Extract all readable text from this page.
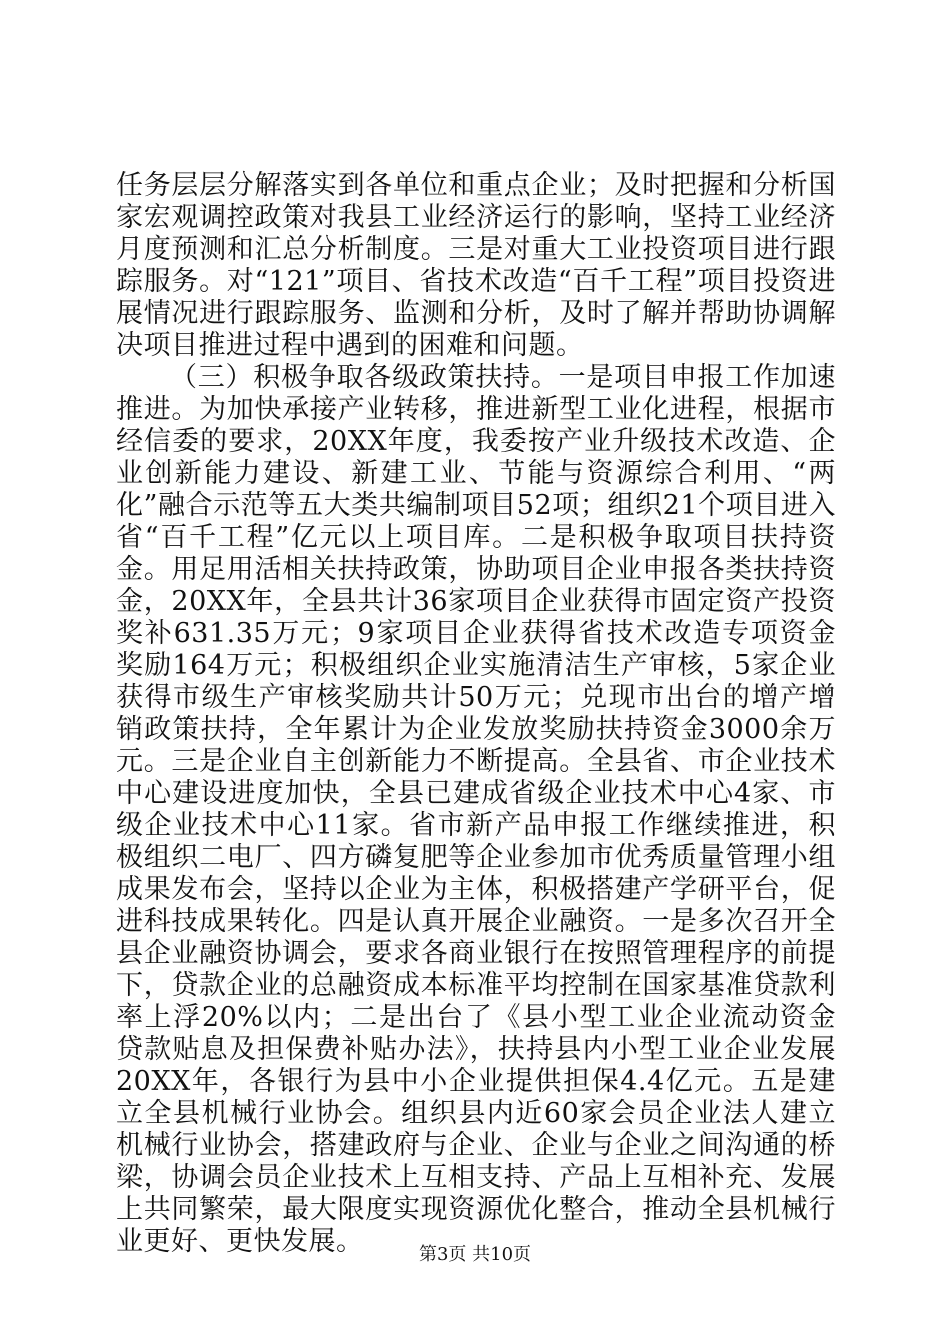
任务层层分解落实到各单位和重点企业；及时把握和分析国家宏观调控政策对我县工业经济运行的影响，坚持工业经济月度预测和汇总分析制度。三是对重大工业投资项目进行跟踪服务。对“121”项目、省技术改造“百千工程”项目投资进展情况进行跟踪服务、监测和分析，及时了解并帮助协调解决项目推进过程中遇到的困难和问题。

（三）积极争取各级政策扶持。一是项目申报工作加速推进。为加快承接产业转移，推进新型工业化进程，根据市经信委的要求，20XX年度，我委按产业升级技术改造、企业创新能力建设、新建工业、节能与资源综合利用、“两化”融合示范等五大类共编制项目52项；组织21个项目进入省“百千工程”亿元以上项目库。二是积极争取项目扶持资金。用足用活相关扶持政策，协助项目企业申报各类扶持资金，20XX年，全县共计36家项目企业获得市固定资产投资奖补631.35万元；9家项目企业获得省技术改造专项资金奖励164万元；积极组织企业实施清洁生产审核，5家企业获得市级生产审核奖励共计50万元；兑现市出台的增产增销政策扶持，全年累计为企业发放奖励扶持资金3000余万元。三是企业自主创新能力不断提高。全县省、市企业技术中心建设进度加快，全县已建成省级企业技术中心4家、市级企业技术中心11家。省市新产品申报工作继续推进，积极组织二电厂、四方磷复肥等企业参加市优秀质量管理小组成果发布会，坚持以企业为主体，积极搭建产学研平台，促进科技成果转化。四是认真开展企业融资。一是多次召开全县企业融资协调会，要求各商业银行在按照管理程序的前提下，贷款企业的总融资成本标准平均控制在国家基准贷款利率上浮20%以内；二是出台了《县小型工业企业流动资金贷款贴息及担保费补贴办法》，扶持县内小型工业企业发展20XX年，各银行为县中小企业提供担保4.4亿元。五是建立全县机械行业协会。组织县内近60家会员企业法人建立机械行业协会，搭建政府与企业、企业与企业之间沟通的桥梁，协调会员企业技术上互相支持、产品上互相补充、发展上共同繁荣，最大限度实现资源优化整合，推动全县机械行业更好、更快发展。	第3页 共10页
